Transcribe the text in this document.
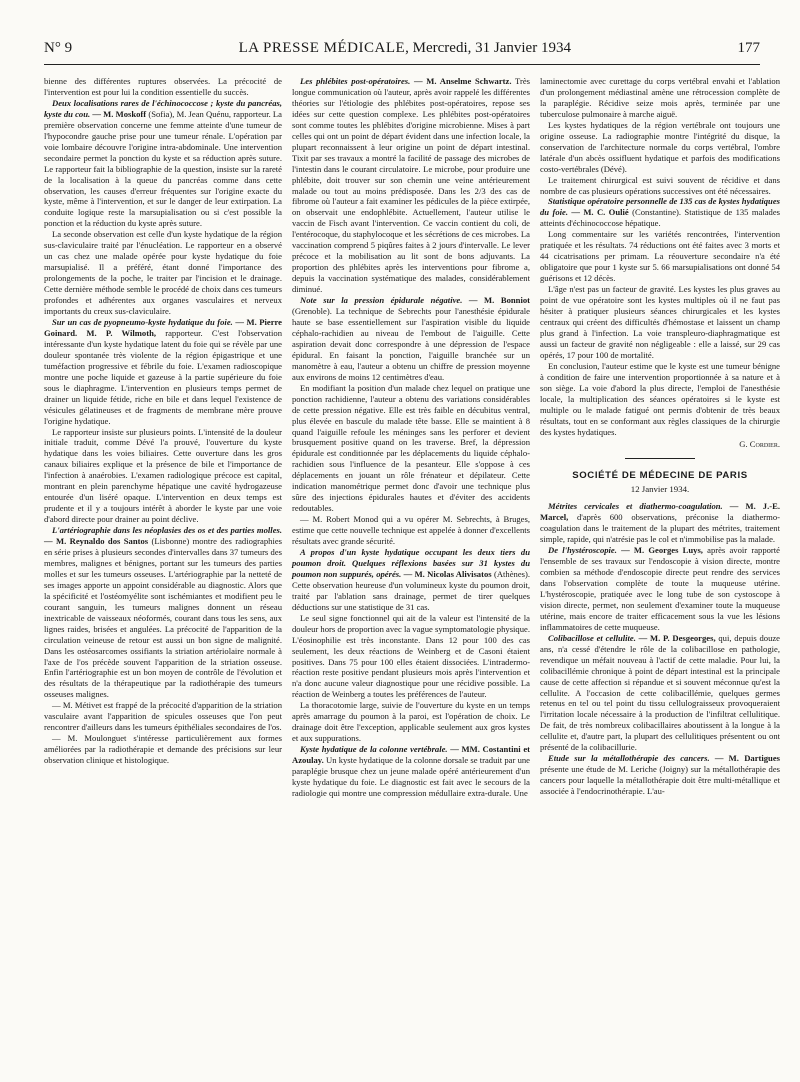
N° 9	LA PRESSE MÉDICALE, Mercredi, 31 Janvier 1934	177

bienne des différentes ruptures observées. La précocité de l'intervention est pour lui la condition essentielle du succès.

Deux localisations rares de l'échinococcose ; kyste du pancréas, kyste du cou. — M. Moskoff (Sofia), M. Jean Quénu, rapporteur. La première observation concerne une femme atteinte d'une tumeur de l'hypocondre gauche prise pour une tumeur rénale. L'opération par voie lombaire découvre l'origine intra-abdominale. Une intervention secondaire permet la ponction du kyste et sa réduction après suture. Le rapporteur fait la bibliographie de la question, insiste sur la rareté de la localisation à la queue du pancréas comme dans cette observation, les causes d'erreur fréquentes sur l'origine exacte du kyste, même à l'intervention, et sur le danger de leur extirpation. La conduite logique reste la marsupialisation ou si c'est possible la ponction et la réduction du kyste après suture.

La seconde observation est celle d'un kyste hydatique de la région sus-claviculaire traité par l'énucléation. Le rapporteur en a observé un cas chez une malade opérée pour kyste hydatique du foie marsupialisé. Il a préféré, étant donné l'importance des prolongements de la poche, le traiter par l'incision et le drainage. Cette dernière méthode semble le procédé de choix dans ces tumeurs profondes et adhérentes aux organes vasculaires et nerveux importants du creux sus-claviculaire.

Sur un cas de pyopneumo-kyste hydatique du foie. — M. Pierre Goinard. M. P. Wilmoth, rapporteur. C'est l'observation intéressante d'un kyste hydatique latent du foie qui se révèle par une douleur spontanée très violente de la région épigastrique et une tuméfaction progressive et fébrile du foie. L'examen radioscopique montre une poche liquide et gazeuse à la partie supérieure du foie sous le diaphragme. L'intervention en plusieurs temps permet de drainer un liquide fétide, riche en bile et dans lequel l'existence de vésicules gélatineuses et de fragments de membrane mère prouve l'origine hydatique.

Le rapporteur insiste sur plusieurs points. L'intensité de la douleur initiale traduit, comme Dévé l'a prouvé, l'ouverture du kyste hydatique dans les voies biliaires. Cette ouverture dans les gros canaux biliaires explique et la présence de bile et l'importance de l'infection à anaérobies. L'examen radiologique précoce est capital, montrant en plein parenchyme hépatique une cavité hydrogazeuse entourée d'un liséré opaque. L'intervention en deux temps est prudente et il y a toujours intérêt à aborder le kyste par une voie d'abord directe pour drainer au point déclive.

L'artériographie dans les néoplasies des os et des parties molles. — M. Reynaldo dos Santos (Lisbonne) montre des radiographies en série prises à plusieurs secondes d'intervalles dans 37 tumeurs des membres, malignes et bénignes, portant sur les tumeurs des parties molles et sur les tumeurs osseuses. L'artériographie par la netteté de ses images apporte un appoint considérable au diagnostic. Alors que la spécificité et l'ostéomyélite sont ischémiantes et modifient peu le courant sanguin, les tumeurs malignes donnent un réseau inextricable de vaisseaux néoformés, courant dans tous les sens, aux lignes raides, brisées et angulées. La précocité de l'apparition de la circulation veineuse de retour est aussi un bon signe de malignité. Dans les ostéosarcomes ossifiants la striation artériolaire normale à l'axe de l'os précède souvent l'apparition de la striation osseuse. Enfin l'artériographie est un bon moyen de contrôle de l'évolution et des résultats de la thérapeutique par la radiothérapie des tumeurs osseuses malignes.

— M. Métivet est frappé de la précocité d'apparition de la striation vasculaire avant l'apparition de spicules osseuses que l'on peut rencontrer d'ailleurs dans les tumeurs épithéliales secondaires de l'os.

— M. Moulonguet s'intéresse particulièrement aux formes améliorées par la radiothérapie et demande des précisions sur leur observation clinique et histologique.

Les phlébites post-opératoires. — M. Anselme Schwartz. Très longue communication où l'auteur, après avoir rappelé les différentes théories sur l'étiologie des phlébites post-opératoires, repose ses idées sur cette question complexe. Les phlébites post-opératoires sont comme toutes les phlébites d'origine microbienne. Mises à part celles qui ont un point de départ évident dans une infection locale, la plupart reconnaissent à leur origine un point de départ intestinal. Tixit par ses travaux a montré la facilité de passage des microbes de l'intestin dans le courant circulatoire. Le microbe, pour produire une phlébite, doit trouver sur son chemin une veine antérieurement malade ou tout au moins prédisposée. Dans les 2/3 des cas de fibrome où l'auteur a fait examiner les pédicules de la pièce extirpée, on observait une endophlébite. Actuellement, l'auteur utilise le vaccin de Fisch avant l'intervention. Ce vaccin contient du coli, de l'entérocoque, du staphylocoque et les sécrétions de ces microbes. La vaccination comprend 5 piqûres faites à 2 jours d'intervalle. Le lever précoce et la mobilisation au lit sont de bons adjuvants. La proportion des phlébites après les interventions pour fibrome a, depuis la vaccination systématique des malades, considérablement diminué.

Note sur la pression épidurale négative. — M. Bonniot (Grenoble). La technique de Sebrechts pour l'anesthésie épidurale haute se base essentiellement sur l'aspiration visible du liquide céphalo-rachidien au niveau de l'embout de l'aiguille. Cette aspiration devait donc correspondre à une dépression de l'espace épidural. En faisant la ponction, l'aiguille branchée sur un manomètre à eau, l'auteur a obtenu un chiffre de pression moyenne aux environs de moins 12 centimètres d'eau.

En modifiant la position d'un malade chez lequel on pratique une ponction rachidienne, l'auteur a obtenu des variations considérables de cette pression négative. Elle est très faible en décubitus ventral, plus élevée en bascule du malade tête basse. Elle se maintient à 8 quand l'aiguille refoule les méninges sans les perforer et devient brusquement positive quand on les traverse. Bref, la dépression épidurale est conditionnée par les déplacements du liquide céphalo-rachidien sous l'influence de la pesanteur. Elle s'oppose à ces déplacements en jouant un rôle frénateur et dépilateur. Cette indication manométrique permet donc d'avoir une technique plus sûre des injections épidurales hautes et d'éviter des accidents redoutables.

— M. Robert Monod qui a vu opérer M. Sebrechts, à Bruges, estime que cette nouvelle technique est appelée à donner d'excellents résultats avec grande sécurité.

A propos d'un kyste hydatique occupant les deux tiers du poumon droit. Quelques réflexions basées sur 31 kystes du poumon non suppurés, opérés. — M. Nicolas Alivisatos (Athènes). Cette observation heureuse d'un volumineux kyste du poumon droit, traité par l'ablation sans drainage, permet de tirer quelques déductions sur une statistique de 31 cas.

Le seul signe fonctionnel qui ait de la valeur est l'intensité de la douleur hors de proportion avec la vague symptomatologie physique. L'éosinophilie est très inconstante. Dans 12 pour 100 des cas seulement, les deux réactions de Weinberg et de Casoni étaient positives. Dans 75 pour 100 elles étaient dissociées. L'intradermo-réaction reste positive pendant plusieurs mois après l'intervention et n'a donc aucune valeur diagnostique pour une récidive possible. La réaction de Weinberg a toutes les préférences de l'auteur.

La thoracotomie large, suivie de l'ouverture du kyste en un temps après amarrage du poumon à la paroi, est l'opération de choix. Le drainage doit être l'exception, applicable seulement aux gros kystes et aux suppurations.

Kyste hydatique de la colonne vertébrale. — MM. Costantini et Azoulay. Un kyste hydatique de la colonne dorsale se traduit par une paraplégie brusque chez un jeune malade opéré antérieurement d'un kyste hydatique du foie. Le diagnostic est fait avec le secours de la radiologie qui montre une compression médullaire extra-durale. Une

laminectomie avec curettage du corps vertébral envahi et l'ablation d'un prolongement médiastinal amène une rétrocession complète de la paraplégie. Récidive seize mois après, terminée par une tuberculose pulmonaire à marche aiguë.

Les kystes hydatiques de la région vertébrale ont toujours une origine osseuse. La radiographie montre l'intégrité du disque, la conservation de l'architecture normale du corps vertébral, l'ombre latérale d'un abcès ossifluent hydatique et parfois des modifications costo-vertébrales (Dévé).

Le traitement chirurgical est suivi souvent de récidive et dans nombre de cas plusieurs opérations successives ont été nécessaires.

Statistique opératoire personnelle de 135 cas de kystes hydatiques du foie. — M. C. Oulié (Constantine). Statistique de 135 malades atteints d'échinococcose hépatique.

Long commentaire sur les variétés rencontrées, l'intervention pratiquée et les résultats. 74 réductions ont été faites avec 3 morts et 44 cicatrisations per primam. La réouverture secondaire n'a été obligatoire que pour 1 kyste sur 5. 66 marsupialisations ont donné 54 guérisons et 12 décès.

L'âge n'est pas un facteur de gravité. Les kystes les plus graves au point de vue opératoire sont les kystes multiples où il ne faut pas hésiter à pratiquer plusieurs séances chirurgicales et les kystes centraux qui créent des difficultés d'hémostase et laissent un champ plus grand à l'infection. La voie transpleuro-diaphragmatique est aussi un facteur de gravité non négligeable : elle a laissé, sur 29 cas opérés, 17 pour 100 de mortalité.

En conclusion, l'auteur estime que le kyste est une tumeur bénigne à condition de faire une intervention proportionnée à sa nature et à son siège. La voie d'abord la plus directe, l'emploi de l'anesthésie locale, la multiplication des séances opératoires si le kyste est multiple ou le malade fatigué ont permis d'obtenir de très beaux résultats, tout en se conformant aux règles classiques de la chirurgie des kystes hydatiques.

G. Cordier.

SOCIÉTÉ DE MÉDECINE DE PARIS
12 Janvier 1934.

Métrites cervicales et diathermo-coagulation. — M. J.-E. Marcel, d'après 600 observations, préconise la diathermo-coagulation dans le traitement de la plupart des métrites, traitement simple, rapide, qui n'atrésie pas le col et n'immobilise pas la malade.

De l'hystéroscopie. — M. Georges Luys, après avoir rapporté l'ensemble de ses travaux sur l'endoscopie à vision directe, montre combien sa méthode d'endoscopie directe peut rendre des services dans l'observation complète de toute la muqueuse utérine. L'hystéroscopie, pratiquée avec le long tube de son cystoscope à vision directe, permet, non seulement d'examiner toute la muqueuse utérine, mais encore de traiter efficacement sous la vue les lésions inflammatoires de cette muqueuse.

Colibacillose et cellulite. — M. P. Desgeorges, qui, depuis douze ans, n'a cessé d'étendre le rôle de la colibacillose en pathologie, revendique un méfait nouveau à l'actif de cette maladie. Pour lui, la colibacillémie chronique à point de départ intestinal est la principale cause de cette affection si répandue et si souvent méconnue qu'est la cellulite. A l'occasion de cette colibacillémie, quelques germes retenus en tel ou tel point du tissu cellulograisseux provoqueraient l'irritation locale nécessaire à la production de l'infiltrat cellulitique. De fait, de très nombreux colibacillaires aboutissent à la longue à la cellulite et, d'autre part, la plupart des cellulitiques présentent ou ont présenté de la colibacillurie.

Etude sur la métallothérapie des cancers. — M. Dartigues présente une étude de M. Leriche (Joigny) sur la métallothérapie des cancers pour laquelle la métallothérapie doit être multi-métallique et associée à l'endocrinothérapie. L'au-
